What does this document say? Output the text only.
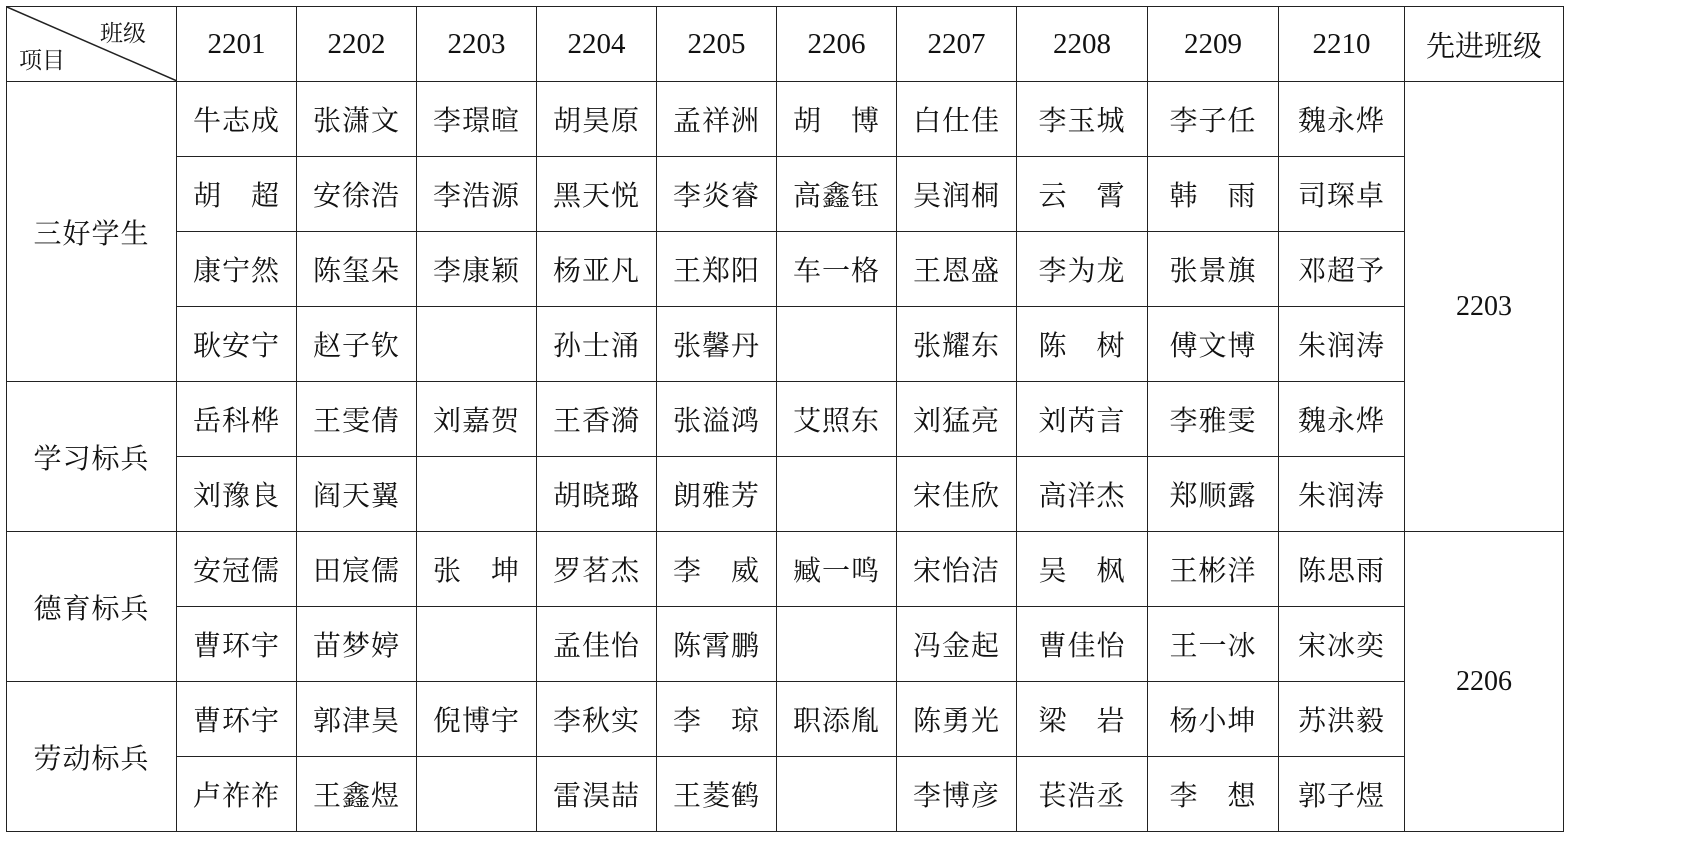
班级
项目	2201	2202	2203	2204	2205	2206	2207	2208	2209	2210	先进班级
三好学生	牛志成	张潇文	李璟暄	胡昊原	孟祥洲	胡　博	白仕佳	李玉城	李子任	魏永烨	2203
	胡　超	安徐浩	李浩源	黑天悦	李炎睿	高鑫钰	吴润桐	云　霄	韩　雨	司琛卓	
	康宁然	陈玺朵	李康颖	杨亚凡	王郑阳	车一格	王恩盛	李为龙	张景旗	邓超予	
	耿安宁	赵子钦		孙士涌	张馨丹		张耀东	陈　树	傅文博	朱润涛	
学习标兵	岳科桦	王雯倩	刘嘉贺	王香漪	张溢鸿	艾照东	刘猛亮	刘芮言	李雅雯	魏永烨	
	刘豫良	阎天翼		胡晓璐	朗雅芳		宋佳欣	高洋杰	郑顺露	朱润涛	
德育标兵	安冠儒	田宸儒	张　坤	罗茗杰	李　威	臧一鸣	宋怡洁	吴　枫	王彬洋	陈思雨	2206
	曹环宇	苗梦婷		孟佳怡	陈霄鹏		冯金起	曹佳怡	王一冰	宋冰奕	
劳动标兵	曹环宇	郭津昊	倪博宇	李秋实	李　琼	职添胤	陈勇光	梁　岩	杨小坤	苏洪毅	
	卢祚祚	王鑫煜		雷淏喆	王菱鹤		李博彦	苌浩丞	李　想	郭子煜	
